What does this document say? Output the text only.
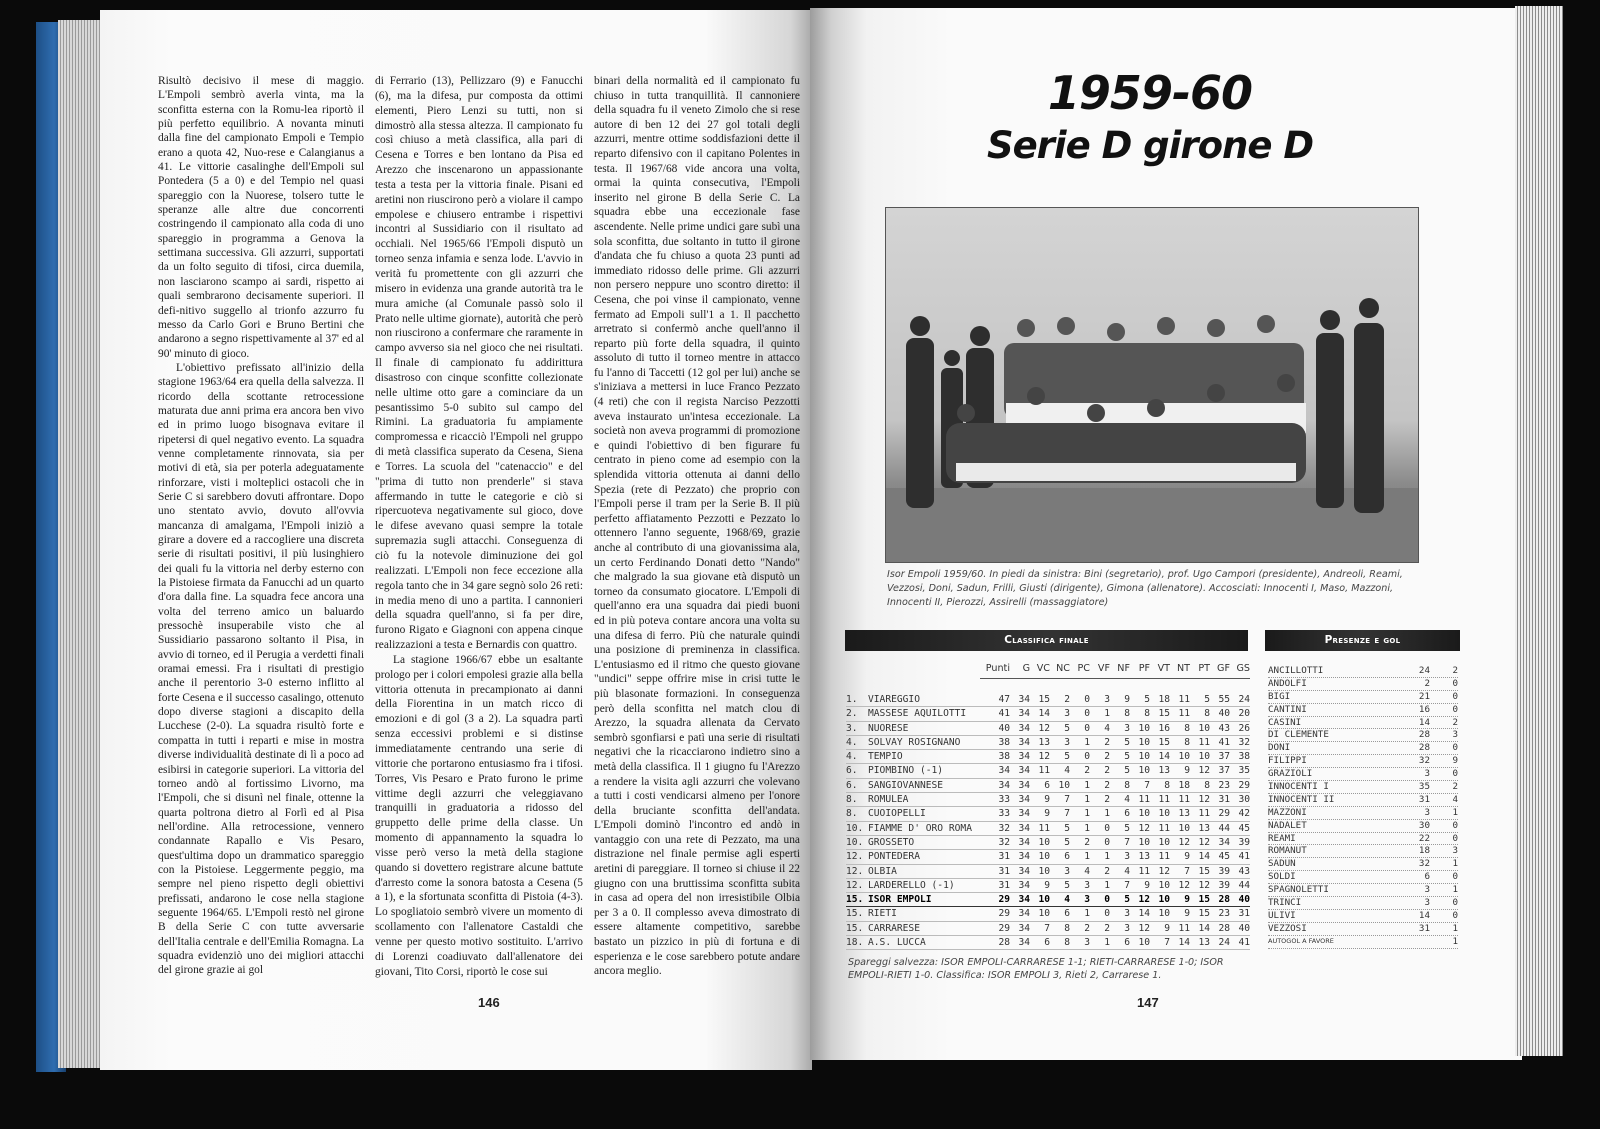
Risultò decisivo il mese di maggio. L'Empoli sembrò averla vinta, ma la sconfitta esterna con la Romu-lea riportò il più perfetto equilibrio. A novanta minuti dalla fine del campionato Empoli e Tempio erano a quota 42, Nuo-rese e Calangianus a 41. Le vittorie casalinghe dell'Empoli sul Pontedera (5 a 0) e del Tempio nel quasi spareggio con la Nuorese, tolsero tutte le speranze alle altre due concorrenti costringendo il campionato alla coda di uno spareggio in programma a Genova la settimana successiva. Gli azzurri, supportati da un folto seguito di tifosi, circa duemila, non lasciarono scampo ai sardi, rispetto ai quali sembrarono decisamente superiori. Il defi-nitivo suggello al trionfo azzurro fu messo da Carlo Gori e Bruno Bertini che andarono a segno rispettivamente al 37' ed al 90' minuto di gioco.

L'obiettivo prefissato all'inizio della stagione 1963/64 era quella della salvezza. Il ricordo della scottante retrocessione maturata due anni prima era ancora ben vivo ed in primo luogo bisognava evitare il ripetersi di quel negativo evento. La squadra venne completamente rinnovata, sia per motivi di età, sia per poterla adeguatamente rinforzare, visti i molteplici ostacoli che in Serie C si sarebbero dovuti affrontare. Dopo uno stentato avvio, dovuto all'ovvia mancanza di amalgama, l'Empoli iniziò a girare a dovere ed a raccogliere una discreta serie di risultati positivi, il più lusinghiero dei quali fu la vittoria nel derby esterno con la Pistoiese firmata da Fanucchi ad un quarto d'ora dalla fine. La squadra fece ancora una volta del terreno amico un baluardo pressochè insuperabile visto che al Sussidiario passarono soltanto il Pisa, in avvio di torneo, ed il Perugia a verdetti finali oramai emessi. Fra i risultati di prestigio anche il perentorio 3-0 esterno inflitto al forte Cesena e il successo casalingo, ottenuto dopo diverse stagioni a discapito della Lucchese (2-0). La squadra risultò forte e compatta in tutti i reparti e mise in mostra diverse individualità destinate di lì a poco ad esibirsi in categorie superiori. La vittoria del torneo andò al fortissimo Livorno, ma l'Empoli, che si disunì nel finale, ottenne la quarta poltrona dietro al Forlì ed al Pisa nell'ordine. Alla retrocessione, vennero condannate Rapallo e Vis Pesaro, quest'ultima dopo un drammatico spareggio con la Pistoiese. Leggermente peggio, ma sempre nel pieno rispetto degli obiettivi prefissati, andarono le cose nella stagione seguente 1964/65. L'Empoli restò nel girone B della Serie C con tutte avversarie dell'Italia centrale e dell'Emilia Romagna. La squadra evidenziò uno dei migliori attacchi del girone grazie ai gol

di Ferrario (13), Pellizzaro (9) e Fanucchi (6), ma la difesa, pur composta da ottimi elementi, Piero Lenzi su tutti, non si dimostrò alla stessa altezza. Il campionato fu così chiuso a metà classifica, alla pari di Cesena e Torres e ben lontano da Pisa ed Arezzo che inscenarono un appassionante testa a testa per la vittoria finale. Pisani ed aretini non riuscirono però a violare il campo empolese e chiusero entrambe i rispettivi incontri al Sussidiario con il risultato ad occhiali. Nel 1965/66 l'Empoli disputò un torneo senza infamia e senza lode. L'avvio in verità fu promettente con gli azzurri che misero in evidenza una grande autorità tra le mura amiche (al Comunale passò solo il Prato nelle ultime giornate), autorità che però non riuscirono a confermare che raramente in campo avverso sia nel gioco che nei risultati. Il finale di campionato fu addirittura disastroso con cinque sconfitte collezionate nelle ultime otto gare a cominciare da un pesantissimo 5-0 subito sul campo del Rimini. La graduatoria fu ampiamente compromessa e ricacciò l'Empoli nel gruppo di metà classifica superato da Cesena, Siena e Torres. La scuola del "catenaccio" e del "prima di tutto non prenderle" si stava affermando in tutte le categorie e ciò si ripercuoteva negativamente sul gioco, dove le difese avevano quasi sempre la totale supremazia sugli attacchi. Conseguenza di ciò fu la notevole diminuzione dei gol realizzati. L'Empoli non fece eccezione alla regola tanto che in 34 gare segnò solo 26 reti: in media meno di uno a partita. I cannonieri della squadra quell'anno, si fa per dire, furono Rigato e Giagnoni con appena cinque realizzazioni a testa e Bernardis con quattro.

La stagione 1966/67 ebbe un esaltante prologo per i colori empolesi grazie alla bella vittoria ottenuta in precampionato ai danni della Fiorentina in un match ricco di emozioni e di gol (3 a 2). La squadra partì senza eccessivi problemi e si distinse immediatamente centrando una serie di vittorie che portarono entusiasmo fra i tifosi. Torres, Vis Pesaro e Prato furono le prime vittime degli azzurri che veleggiavano tranquilli in graduatoria a ridosso del gruppetto delle prime della classe. Un momento di appannamento la squadra lo visse però verso la metà della stagione quando si dovettero registrare alcune battute d'arresto come la sonora batosta a Cesena (5 a 1), e la sfortunata sconfitta di Pistoia (4-3). Lo spogliatoio sembrò vivere un momento di scollamento con l'allenatore Castaldi che venne per questo motivo sostituito. L'arrivo di Lorenzi coadiuvato dall'allenatore dei giovani, Tito Corsi, riportò le cose sui

binari della normalità ed il campionato fu chiuso in tutta tranquillità. Il cannoniere della squadra fu il veneto Zimolo che si rese autore di ben 12 dei 27 gol totali degli azzurri, mentre ottime soddisfazioni dette il reparto difensivo con il capitano Polentes in testa. Il 1967/68 vide ancora una volta, ormai la quinta consecutiva, l'Empoli inserito nel girone B della Serie C. La squadra ebbe una eccezionale fase ascendente. Nelle prime undici gare subì una sola sconfitta, due soltanto in tutto il girone d'andata che fu chiuso a quota 23 punti ad immediato ridosso delle prime. Gli azzurri non persero neppure uno scontro diretto: il Cesena, che poi vinse il campionato, venne fermato ad Empoli sull'1 a 1. Il pacchetto arretrato si confermò anche quell'anno il reparto più forte della squadra, il quinto assoluto di tutto il torneo mentre in attacco fu l'anno di Taccetti (12 gol per lui) anche se s'iniziava a mettersi in luce Franco Pezzato (4 reti) che con il regista Narciso Pezzotti aveva instaurato un'intesa eccezionale. La società non aveva programmi di promozione e quindi l'obiettivo di ben figurare fu centrato in pieno come ad esempio con la splendida vittoria ottenuta ai danni dello Spezia (rete di Pezzato) che proprio con l'Empoli perse il tram per la Serie B. Il più perfetto affiatamento Pezzotti e Pezzato lo ottennero l'anno seguente, 1968/69, grazie anche al contributo di una giovanissima ala, un certo Ferdinando Donati detto "Nando" che malgrado la sua giovane età disputò un torneo da consumato giocatore. L'Empoli di quell'anno era una squadra dai piedi buoni ed in più poteva contare ancora una volta su una difesa di ferro. Più che naturale quindi una posizione di preminenza in classifica. L'entusiasmo ed il ritmo che questo giovane "undici" seppe offrire mise in crisi tutte le più blasonate formazioni. In conseguenza però della sconfitta nel match clou di Arezzo, la squadra allenata da Cervato sembrò sgonfiarsi e patì una serie di risultati negativi che la ricacciarono indietro sino a metà della classifica. Il 1 giugno fu l'Arezzo a rendere la visita agli azzurri che volevano a tutti i costi vendicarsi almeno per l'onore della bruciante sconfitta dell'andata. L'Empoli dominò l'incontro ed andò in vantaggio con una rete di Pezzato, ma una distrazione nel finale permise agli esperti aretini di pareggiare. Il torneo si chiuse il 22 giugno con una bruttissima sconfitta subita in casa ad opera del non irresistibile Olbia per 3 a 0. Il complesso aveva dimostrato di essere altamente competitivo, sarebbe bastato un pizzico in più di fortuna e di esperienza e le cose sarebbero potute andare ancora meglio.

146
1959-60
Serie D girone D
Isor Empoli 1959/60. In piedi da sinistra: Bini (segretario), prof. Ugo Campori (presidente), Andreoli, Reami, Vezzosi, Doni, Sadun, Frilli, Giusti (dirigente), Gimona (allenatore). Accosciati: Innocenti I, Maso, Mazzoni, Innocenti II, Pierozzi, Assirelli (massaggiatore)
Classifica finale
Punti	G VC NC PC VF NF PF VT NT PT GF GS
1. VIAREGGIO	47 34 15	2	0	3	9	5 18 11	5 55 24
2. MASSESE AQUILOTTI	41 34 14	3	0	1	8	8 15 11	8 40 20
3. NUORESE	40 34 12	5	0	4	3 10 16	8 10 43 26
4. SOLVAY ROSIGNANO	38 34 13	3	1	2	5 10 15	8 11 41 32
4. TEMPIO	38 34 12	5	0	2	5 10 14 10 10 37 38
6. PIOMBINO (-1)	34 34 11	4	2	2	5 10 13	9 12 37 35
6. SANGIOVANNESE	34 34	6 10	1	2	8	7	8 18	8 23 29
8. ROMULEA	33 34	9	7	1	2	4 11 11 11 12 31 30
8. CUOIOPELLI	33 34	9	7	1	1	6 10 10 13 11 29 42
10. FIAMME D' ORO ROMA	32 34 11	5	1	0	5 12 11 10 13 44 45
10. GROSSETO	32 34 10	5	2	0	7 10 10 12 12 34 39
12. PONTEDERA	31 34 10	6	1	1	3 13 11	9 14 45 41
12. OLBIA	31 34 10	3	4	2	4 11 12	7 15 39 43
12. LARDERELLO (-1)	31 34	9	5	3	1	7	9 10 12 12 39 44
15. ISOR EMPOLI	29 34 10	4	3	0	5 12 10	9 15 28 40
15. RIETI	29 34 10	6	1	0	3 14 10	9 15 23 31
15. CARRARESE	29 34	7	8	2	2	3 12	9 11 14 28 40
18. A.S. LUCCA	28 34	6	8	3	1	6 10	7 14 13 24 41
Spareggi salvezza: ISOR EMPOLI-CARRARESE 1-1; RIETI-CARRARESE 1-0; ISOR EMPOLI-RIETI 1-0. Classifica: ISOR EMPOLI 3, Rieti 2, Carrarese 1.
Presenze e gol
ANCILLOTTI	24	2
ANDOLFI	2	0
BIGI	21	0
CANTINI	16	0
CASINI	14	2
DI CLEMENTE	28	3
DONI	28	0
FILIPPI	32	9
GRAZIOLI	3	0
INNOCENTI I	35	2
INNOCENTI II	31	4
MAZZONI	3	1
NADALET	30	0
REAMI	22	0
ROMANUT	18	3
SADUN	32	1
SOLDI	6	0
SPAGNOLETTI	3	1
TRINCI	3	0
ULIVI	14	0
VEZZOSI	31	1
AUTOGOL A FAVORE	1
147
